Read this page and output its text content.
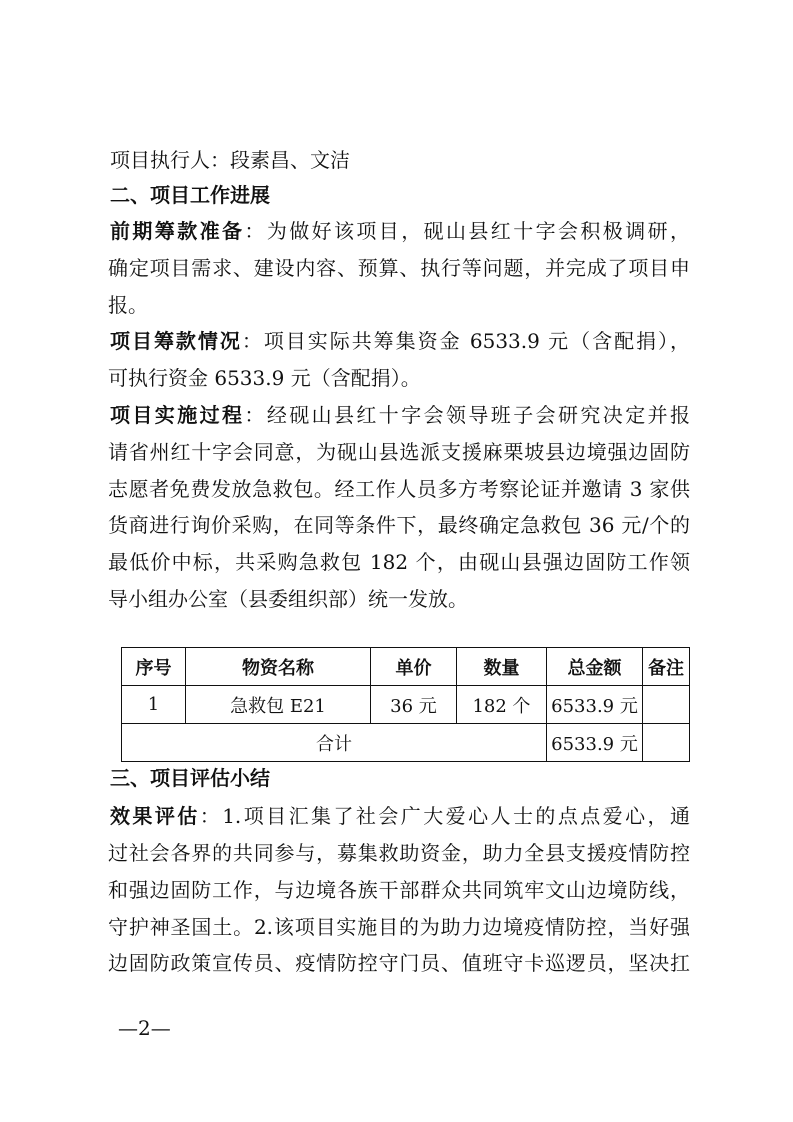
项目执行人：段素昌、文洁
二、项目工作进展
前期筹款准备：为做好该项目，砚山县红十字会积极调研，
确定项目需求、建设内容、预算、执行等问题，并完成了项目申
报。
项目筹款情况：项目实际共筹集资金 6533.9 元（含配捐），
可执行资金 6533.9 元（含配捐）。
项目实施过程：经砚山县红十字会领导班子会研究决定并报
请省州红十字会同意，为砚山县选派支援麻栗坡县边境强边固防
志愿者免费发放急救包。经工作人员多方考察论证并邀请 3 家供
货商进行询价采购，在同等条件下，最终确定急救包 36 元/个的
最低价中标，共采购急救包 182 个，由砚山县强边固防工作领
导小组办公室（县委组织部）统一发放。
序号	物资名称	单价	数量	总金额	备注
1	急救包 E21	36 元	182 个	6533.9 元	
合计				6533.9 元	
三、项目评估小结
效果评估：1.项目汇集了社会广大爱心人士的点点爱心，通
过社会各界的共同参与，募集救助资金，助力全县支援疫情防控
和强边固防工作，与边境各族干部群众共同筑牢文山边境防线，
守护神圣国土。2.该项目实施目的为助力边境疫情防控，当好强
边固防政策宣传员、疫情防控守门员、值班守卡巡逻员，坚决扛
—2—
